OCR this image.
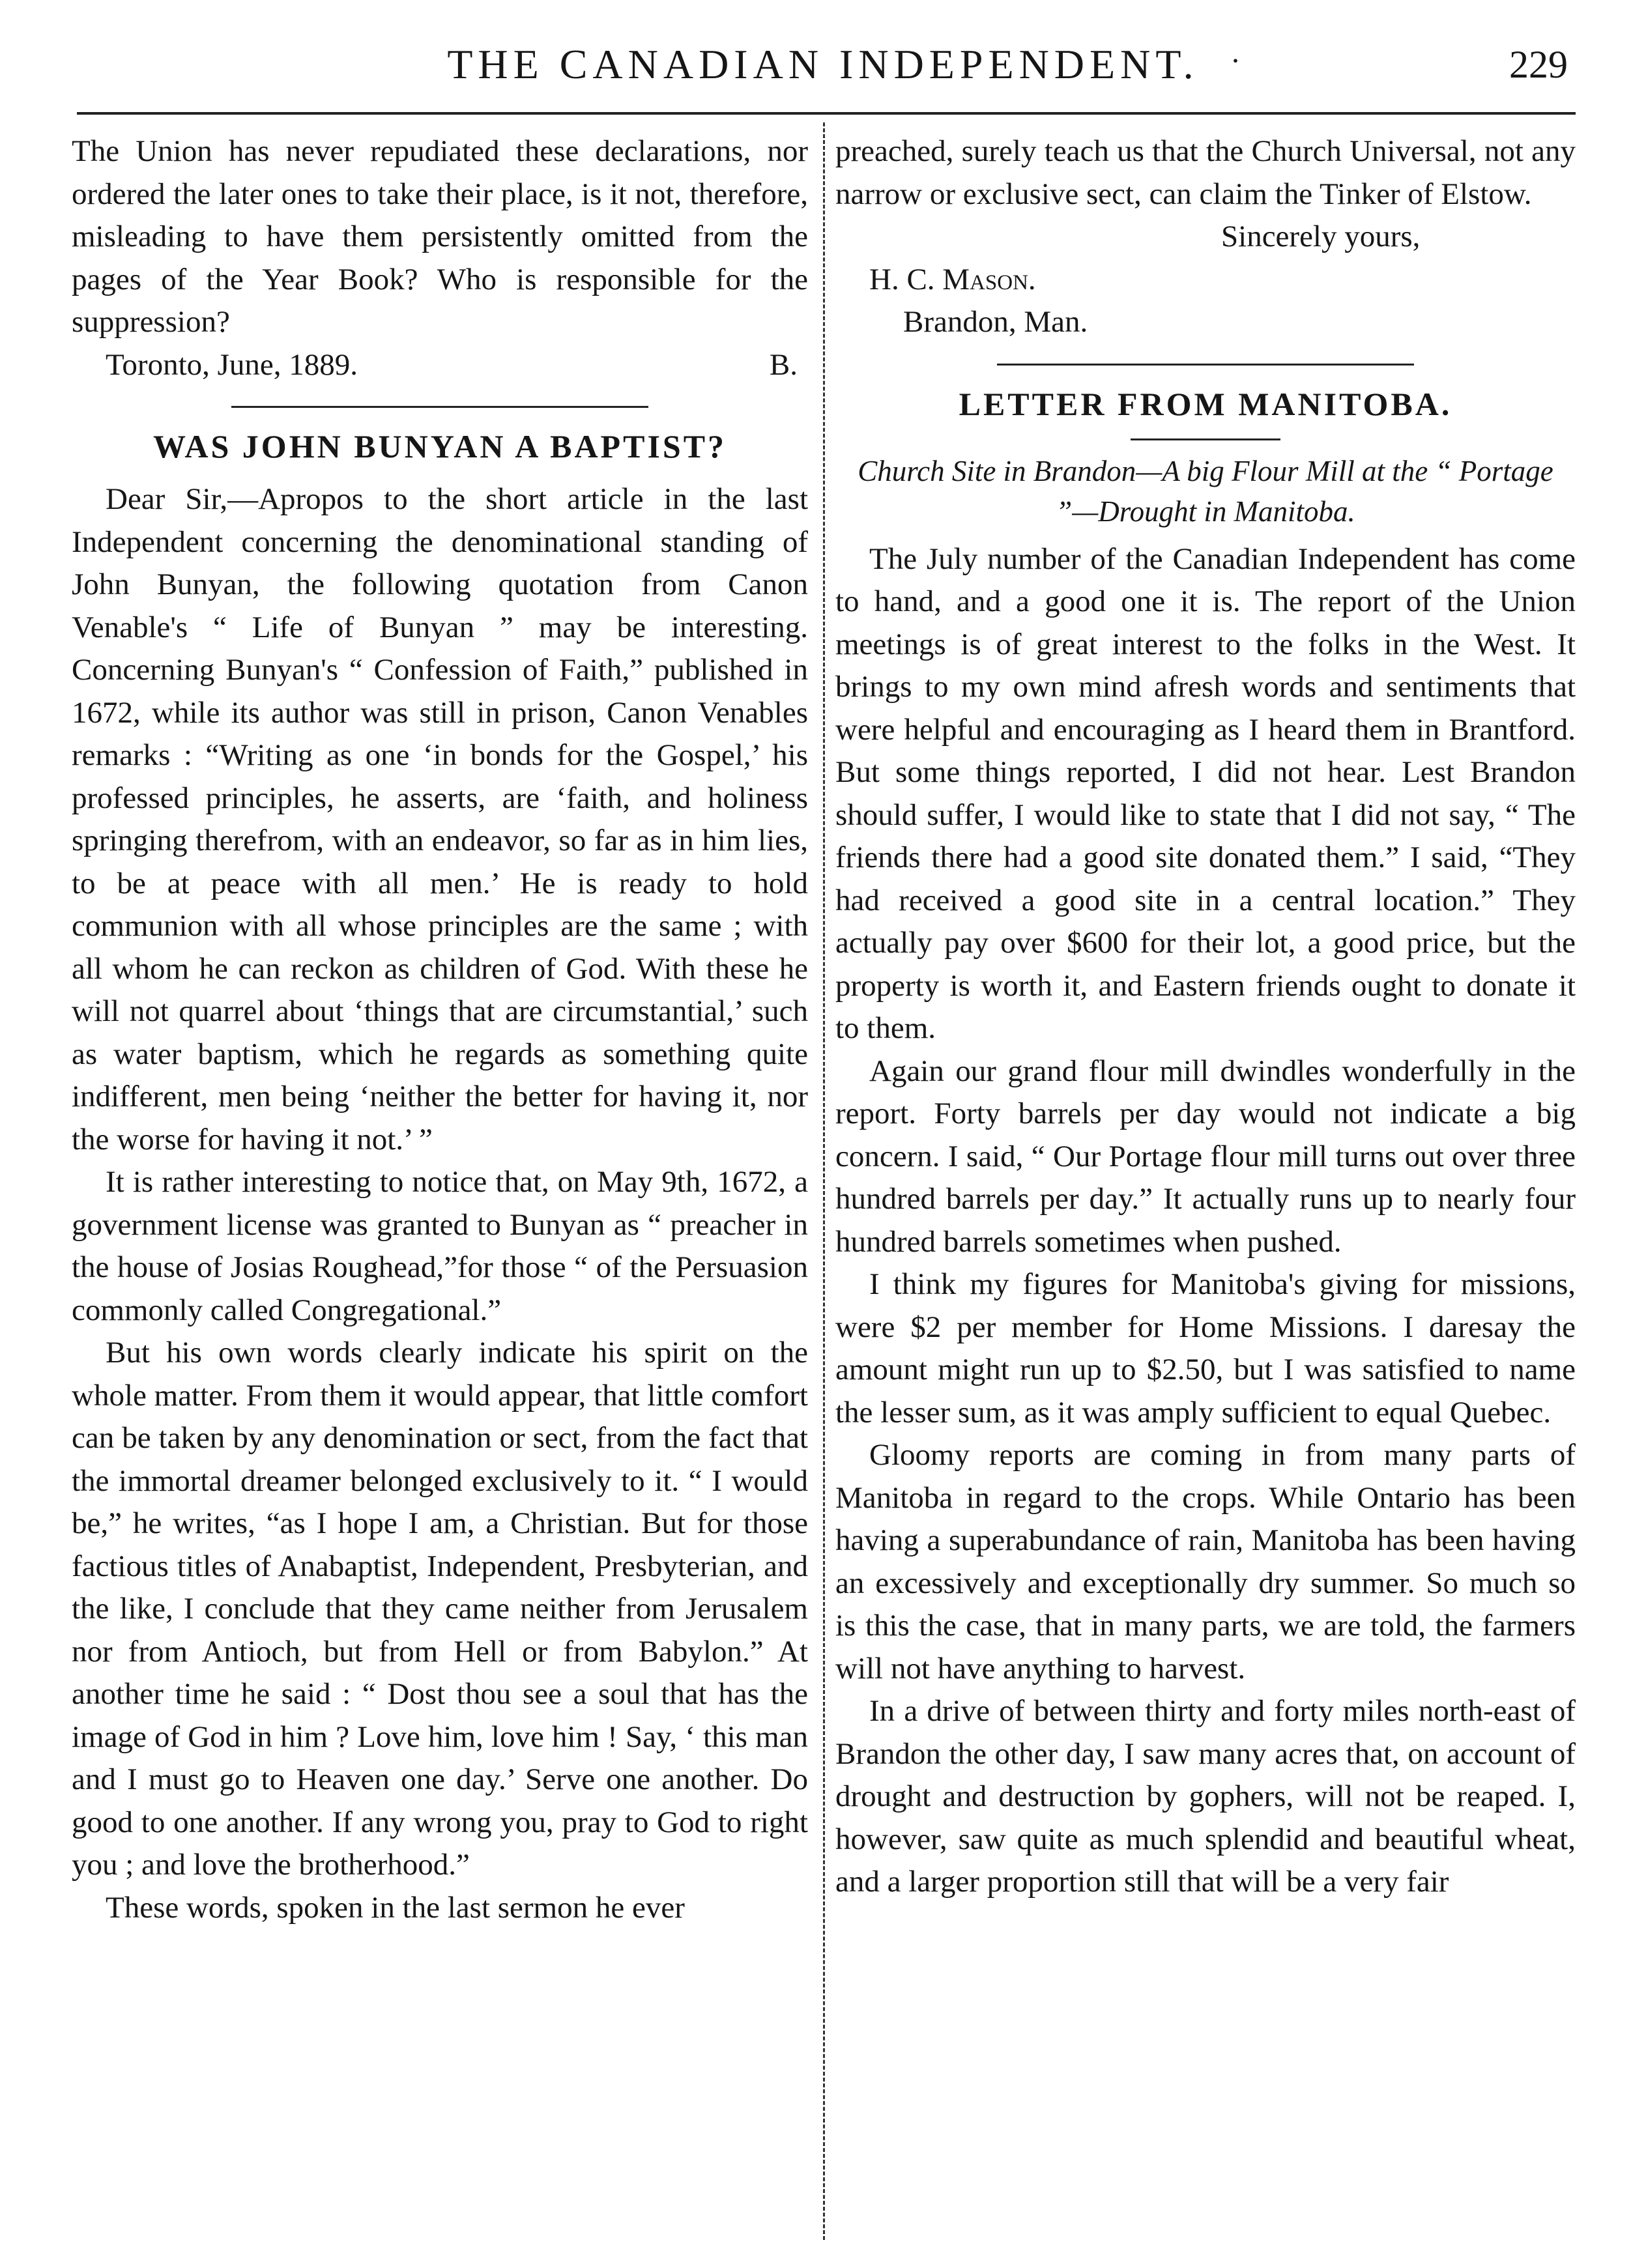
THE CANADIAN INDEPENDENT.	·	229

The Union has never repudiated these declarations, nor ordered the later ones to take their place, is it not, therefore, misleading to have them persistently omitted from the pages of the Year Book? Who is responsible for the suppression?

Toronto, June, 1889.	B.
WAS JOHN BUNYAN A BAPTIST?

Dear Sir,—Apropos to the short article in the last Independent concerning the denominational standing of John Bunyan, the following quotation from Canon Venable's “ Life of Bunyan ” may be interesting. Concerning Bunyan's “ Confession of Faith,” published in 1672, while its author was still in prison, Canon Venables remarks : “Writing as one ‘in bonds for the Gospel,’ his professed principles, he asserts, are ‘faith, and holiness springing therefrom, with an endeavor, so far as in him lies, to be at peace with all men.’ He is ready to hold communion with all whose principles are the same ; with all whom he can reckon as children of God. With these he will not quarrel about ‘things that are circumstantial,’ such as water baptism, which he regards as something quite indifferent, men being ‘neither the better for having it, nor the worse for having it not.’ ”

It is rather interesting to notice that, on May 9th, 1672, a government license was granted to Bunyan as “ preacher in the house of Josias Roughead,”for those “ of the Persuasion commonly called Congregational.”

But his own words clearly indicate his spirit on the whole matter. From them it would appear, that little comfort can be taken by any denomination or sect, from the fact that the immortal dreamer belonged exclusively to it. “ I would be,” he writes, “as I hope I am, a Christian. But for those factious titles of Anabaptist, Independent, Presbyterian, and the like, I conclude that they came neither from Jerusalem nor from Antioch, but from Hell or from Babylon.” At another time he said : “ Dost thou see a soul that has the image of God in him ? Love him, love him ! Say, ‘ this man and I must go to Heaven one day.’ Serve one another. Do good to one another. If any wrong you, pray to God to right you ; and love the brotherhood.”

These words, spoken in the last sermon he ever

preached, surely teach us that the Church Universal, not any narrow or exclusive sect, can claim the Tinker of Elstow.

Sincerely yours,

H. C. Mason.

Brandon, Man.

LETTER FROM MANITOBA.
Church Site in Brandon—A big Flour Mill at the “ Portage ”—Drought in Manitoba.

The July number of the Canadian Independent has come to hand, and a good one it is. The report of the Union meetings is of great interest to the folks in the West. It brings to my own mind afresh words and sentiments that were helpful and encouraging as I heard them in Brantford. But some things reported, I did not hear. Lest Brandon should suffer, I would like to state that I did not say, “ The friends there had a good site donated them.” I said, “They had received a good site in a central location.” They actually pay over $600 for their lot, a good price, but the property is worth it, and Eastern friends ought to donate it to them.

Again our grand flour mill dwindles wonderfully in the report. Forty barrels per day would not indicate a big concern. I said, “ Our Portage flour mill turns out over three hundred barrels per day.” It actually runs up to nearly four hundred barrels sometimes when pushed.

I think my figures for Manitoba's giving for missions, were $2 per member for Home Missions. I daresay the amount might run up to $2.50, but I was satisfied to name the lesser sum, as it was amply sufficient to equal Quebec.

Gloomy reports are coming in from many parts of Manitoba in regard to the crops. While Ontario has been having a superabundance of rain, Manitoba has been having an excessively and exceptionally dry summer. So much so is this the case, that in many parts, we are told, the farmers will not have anything to harvest.

In a drive of between thirty and forty miles north-east of Brandon the other day, I saw many acres that, on account of drought and destruction by gophers, will not be reaped. I, however, saw quite as much splendid and beautiful wheat, and a larger proportion still that will be a very fair
